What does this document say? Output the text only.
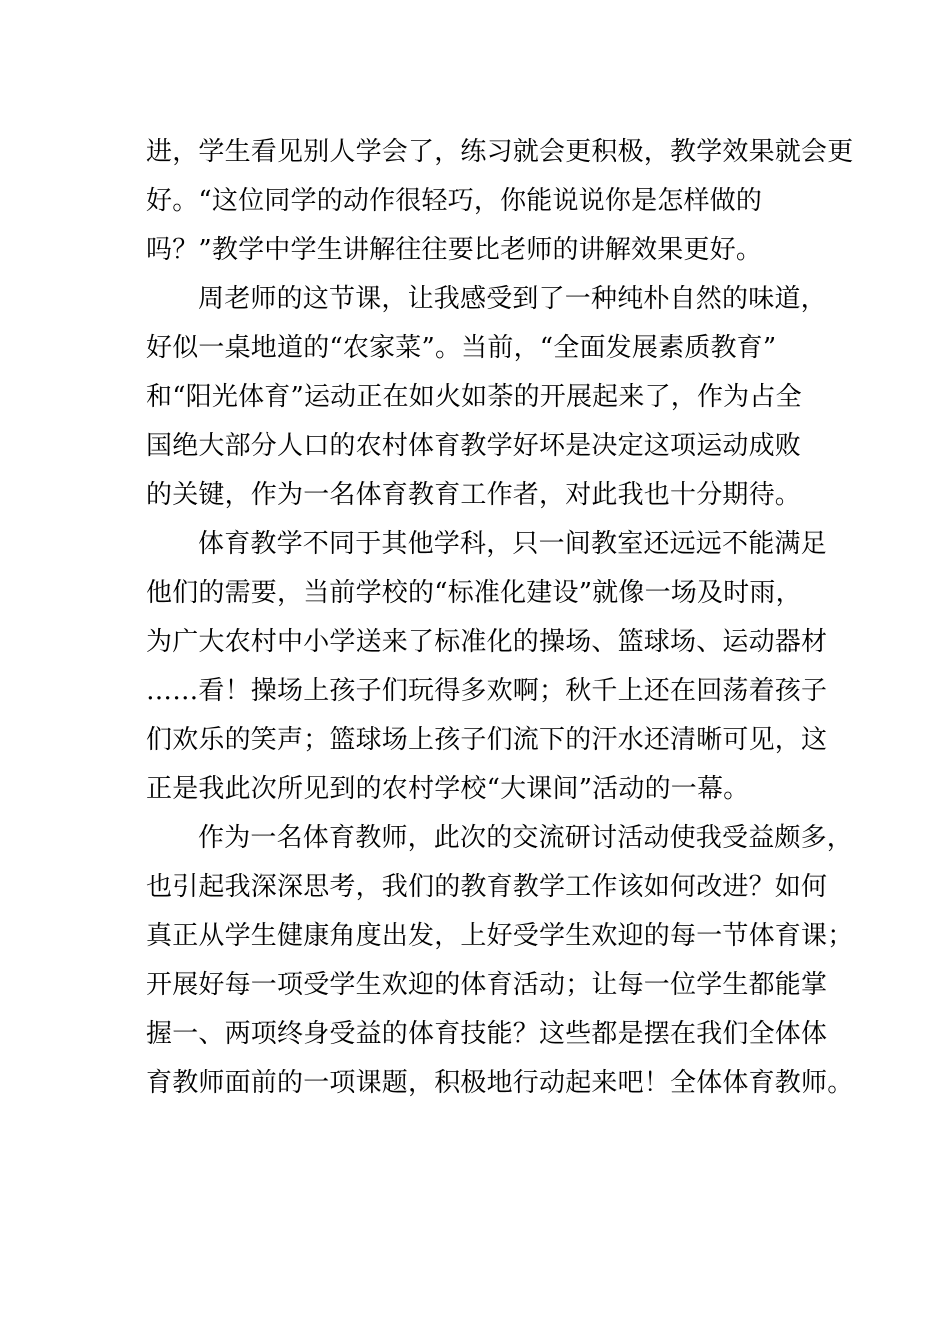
进，学生看见别人学会了，练习就会更积极，教学效果就会更
好。“这位同学的动作很轻巧，你能说说你是怎样做的
吗？”教学中学生讲解往往要比老师的讲解效果更好。
周老师的这节课，让我感受到了一种纯朴自然的味道，
好似一桌地道的“农家菜”。当前，“全面发展素质教育”
和“阳光体育”运动正在如火如荼的开展起来了，作为占全
国绝大部分人口的农村体育教学好坏是决定这项运动成败
的关键，作为一名体育教育工作者，对此我也十分期待。
体育教学不同于其他学科，只一间教室还远远不能满足
他们的需要，当前学校的“标准化建设”就像一场及时雨，
为广大农村中小学送来了标准化的操场、篮球场、运动器材
……看！操场上孩子们玩得多欢啊；秋千上还在回荡着孩子
们欢乐的笑声；篮球场上孩子们流下的汗水还清晰可见，这
正是我此次所见到的农村学校“大课间”活动的一幕。
作为一名体育教师，此次的交流研讨活动使我受益颇多，
也引起我深深思考，我们的教育教学工作该如何改进？如何
真正从学生健康角度出发，上好受学生欢迎的每一节体育课；
开展好每一项受学生欢迎的体育活动；让每一位学生都能掌
握一、两项终身受益的体育技能？这些都是摆在我们全体体
育教师面前的一项课题，积极地行动起来吧！全体体育教师。
